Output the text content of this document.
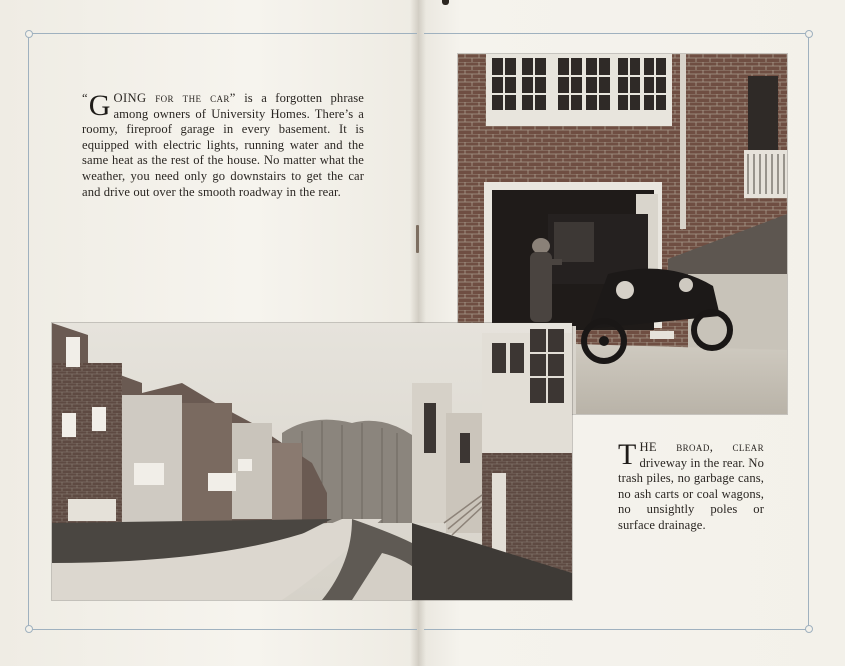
“ G OING for the car” is a forgotten phrase among owners of University Homes. There’s a roomy, fireproof garage in every basement. It is equipped with electric lights, running water and the same heat as the rest of the house. No matter what the weather, you need only go downstairs to get the car and drive out over the smooth roadway in the rear.
T HE broad, clear driveway in the rear. No trash piles, no garbage cans, no ash carts or coal wagons, no unsightly poles or surface drainage.
